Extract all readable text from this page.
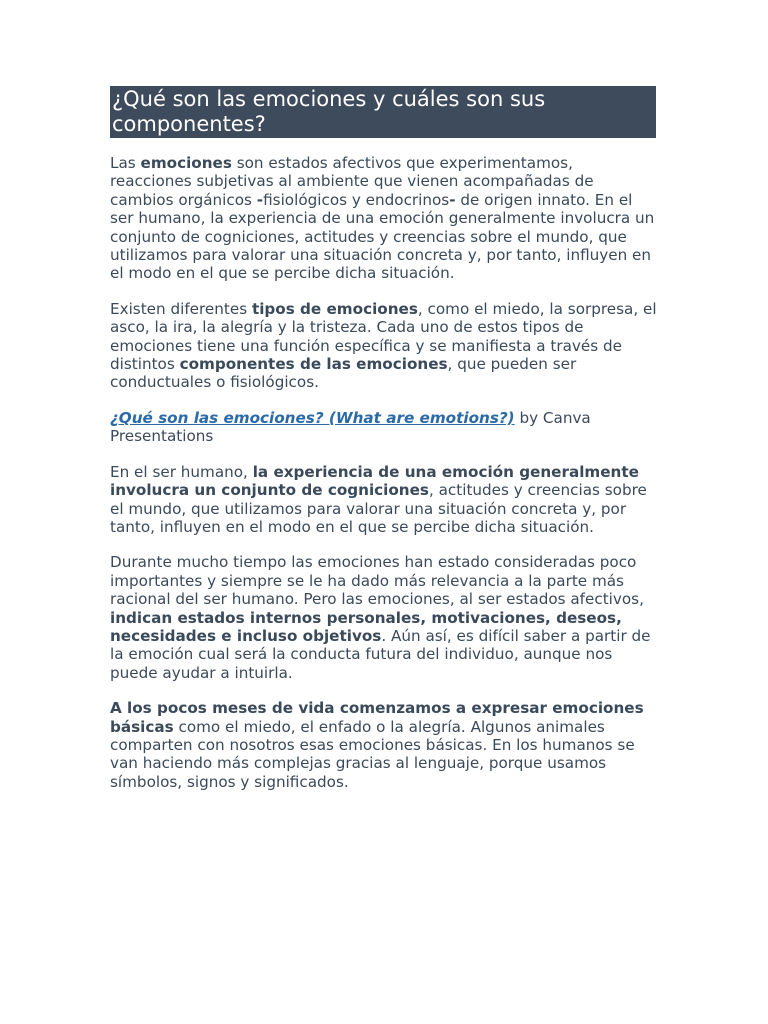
¿Qué son las emociones y cuáles son sus componentes?

Las emociones son estados afectivos que experimentamos, reacciones subjetivas al ambiente que vienen acompañadas de cambios orgánicos -fisiológicos y endocrinos- de origen innato. En el ser humano, la experiencia de una emoción generalmente involucra un conjunto de cogniciones, actitudes y creencias sobre el mundo, que utilizamos para valorar una situación concreta y, por tanto, influyen en el modo en el que se percibe dicha situación.

Existen diferentes tipos de emociones, como el miedo, la sorpresa, el asco, la ira, la alegría y la tristeza. Cada uno de estos tipos de emociones tiene una función específica y se manifiesta a través de distintos componentes de las emociones, que pueden ser conductuales o fisiológicos.

¿Qué son las emociones? (What are emotions?) by Canva Presentations

En el ser humano, la experiencia de una emoción generalmente involucra un conjunto de cogniciones, actitudes y creencias sobre el mundo, que utilizamos para valorar una situación concreta y, por tanto, influyen en el modo en el que se percibe dicha situación.

Durante mucho tiempo las emociones han estado consideradas poco importantes y siempre se le ha dado más relevancia a la parte más racional del ser humano. Pero las emociones, al ser estados afectivos, indican estados internos personales, motivaciones, deseos, necesidades e incluso objetivos. Aún así, es difícil saber a partir de la emoción cual será la conducta futura del individuo, aunque nos puede ayudar a intuirla.

A los pocos meses de vida comenzamos a expresar emociones básicas como el miedo, el enfado o la alegría. Algunos animales comparten con nosotros esas emociones básicas. En los humanos se van haciendo más complejas gracias al lenguaje, porque usamos símbolos, signos y significados.
